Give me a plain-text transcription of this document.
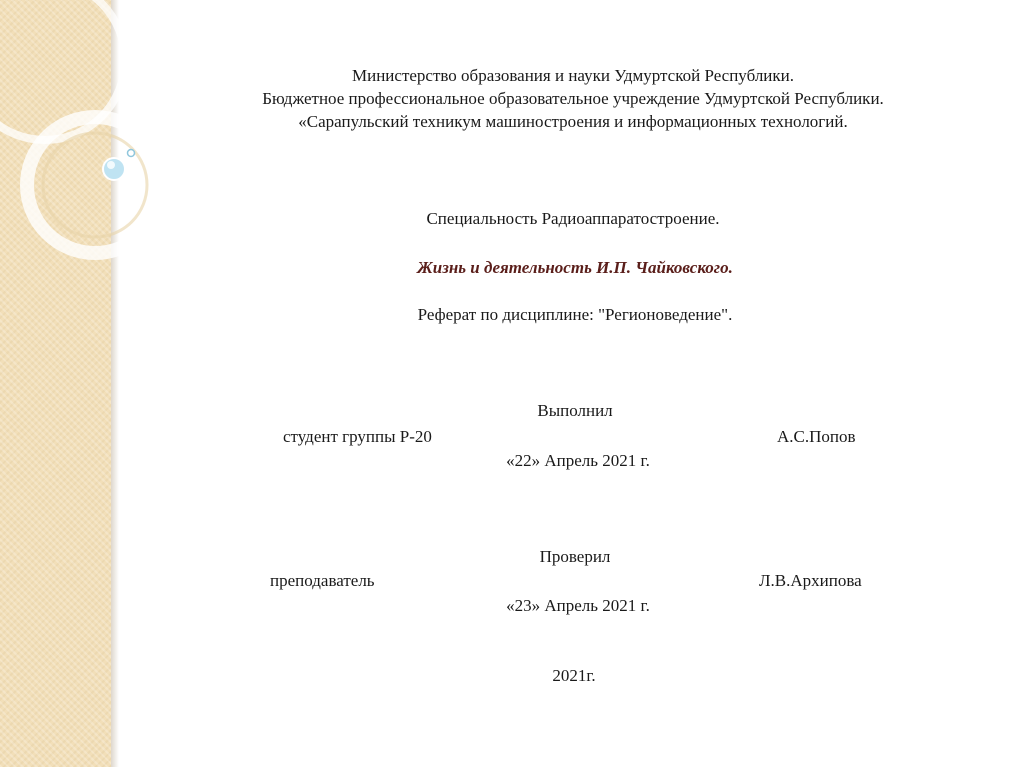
Министерство образования и науки Удмуртской Республики.
Бюджетное профессиональное образовательное учреждение Удмуртской Республики.
«Сарапульский техникум машиностроения и информационных технологий.
Специальность Радиоаппаратостроение.
Жизнь и деятельность И.П. Чайковского.
Реферат по дисциплине: "Регионоведение".
Выполнил
студент группы Р-20	А.С.Попов
«22» Апрель 2021 г.
Проверил
преподаватель	Л.В.Архипова
«23» Апрель 2021 г.
2021г.
